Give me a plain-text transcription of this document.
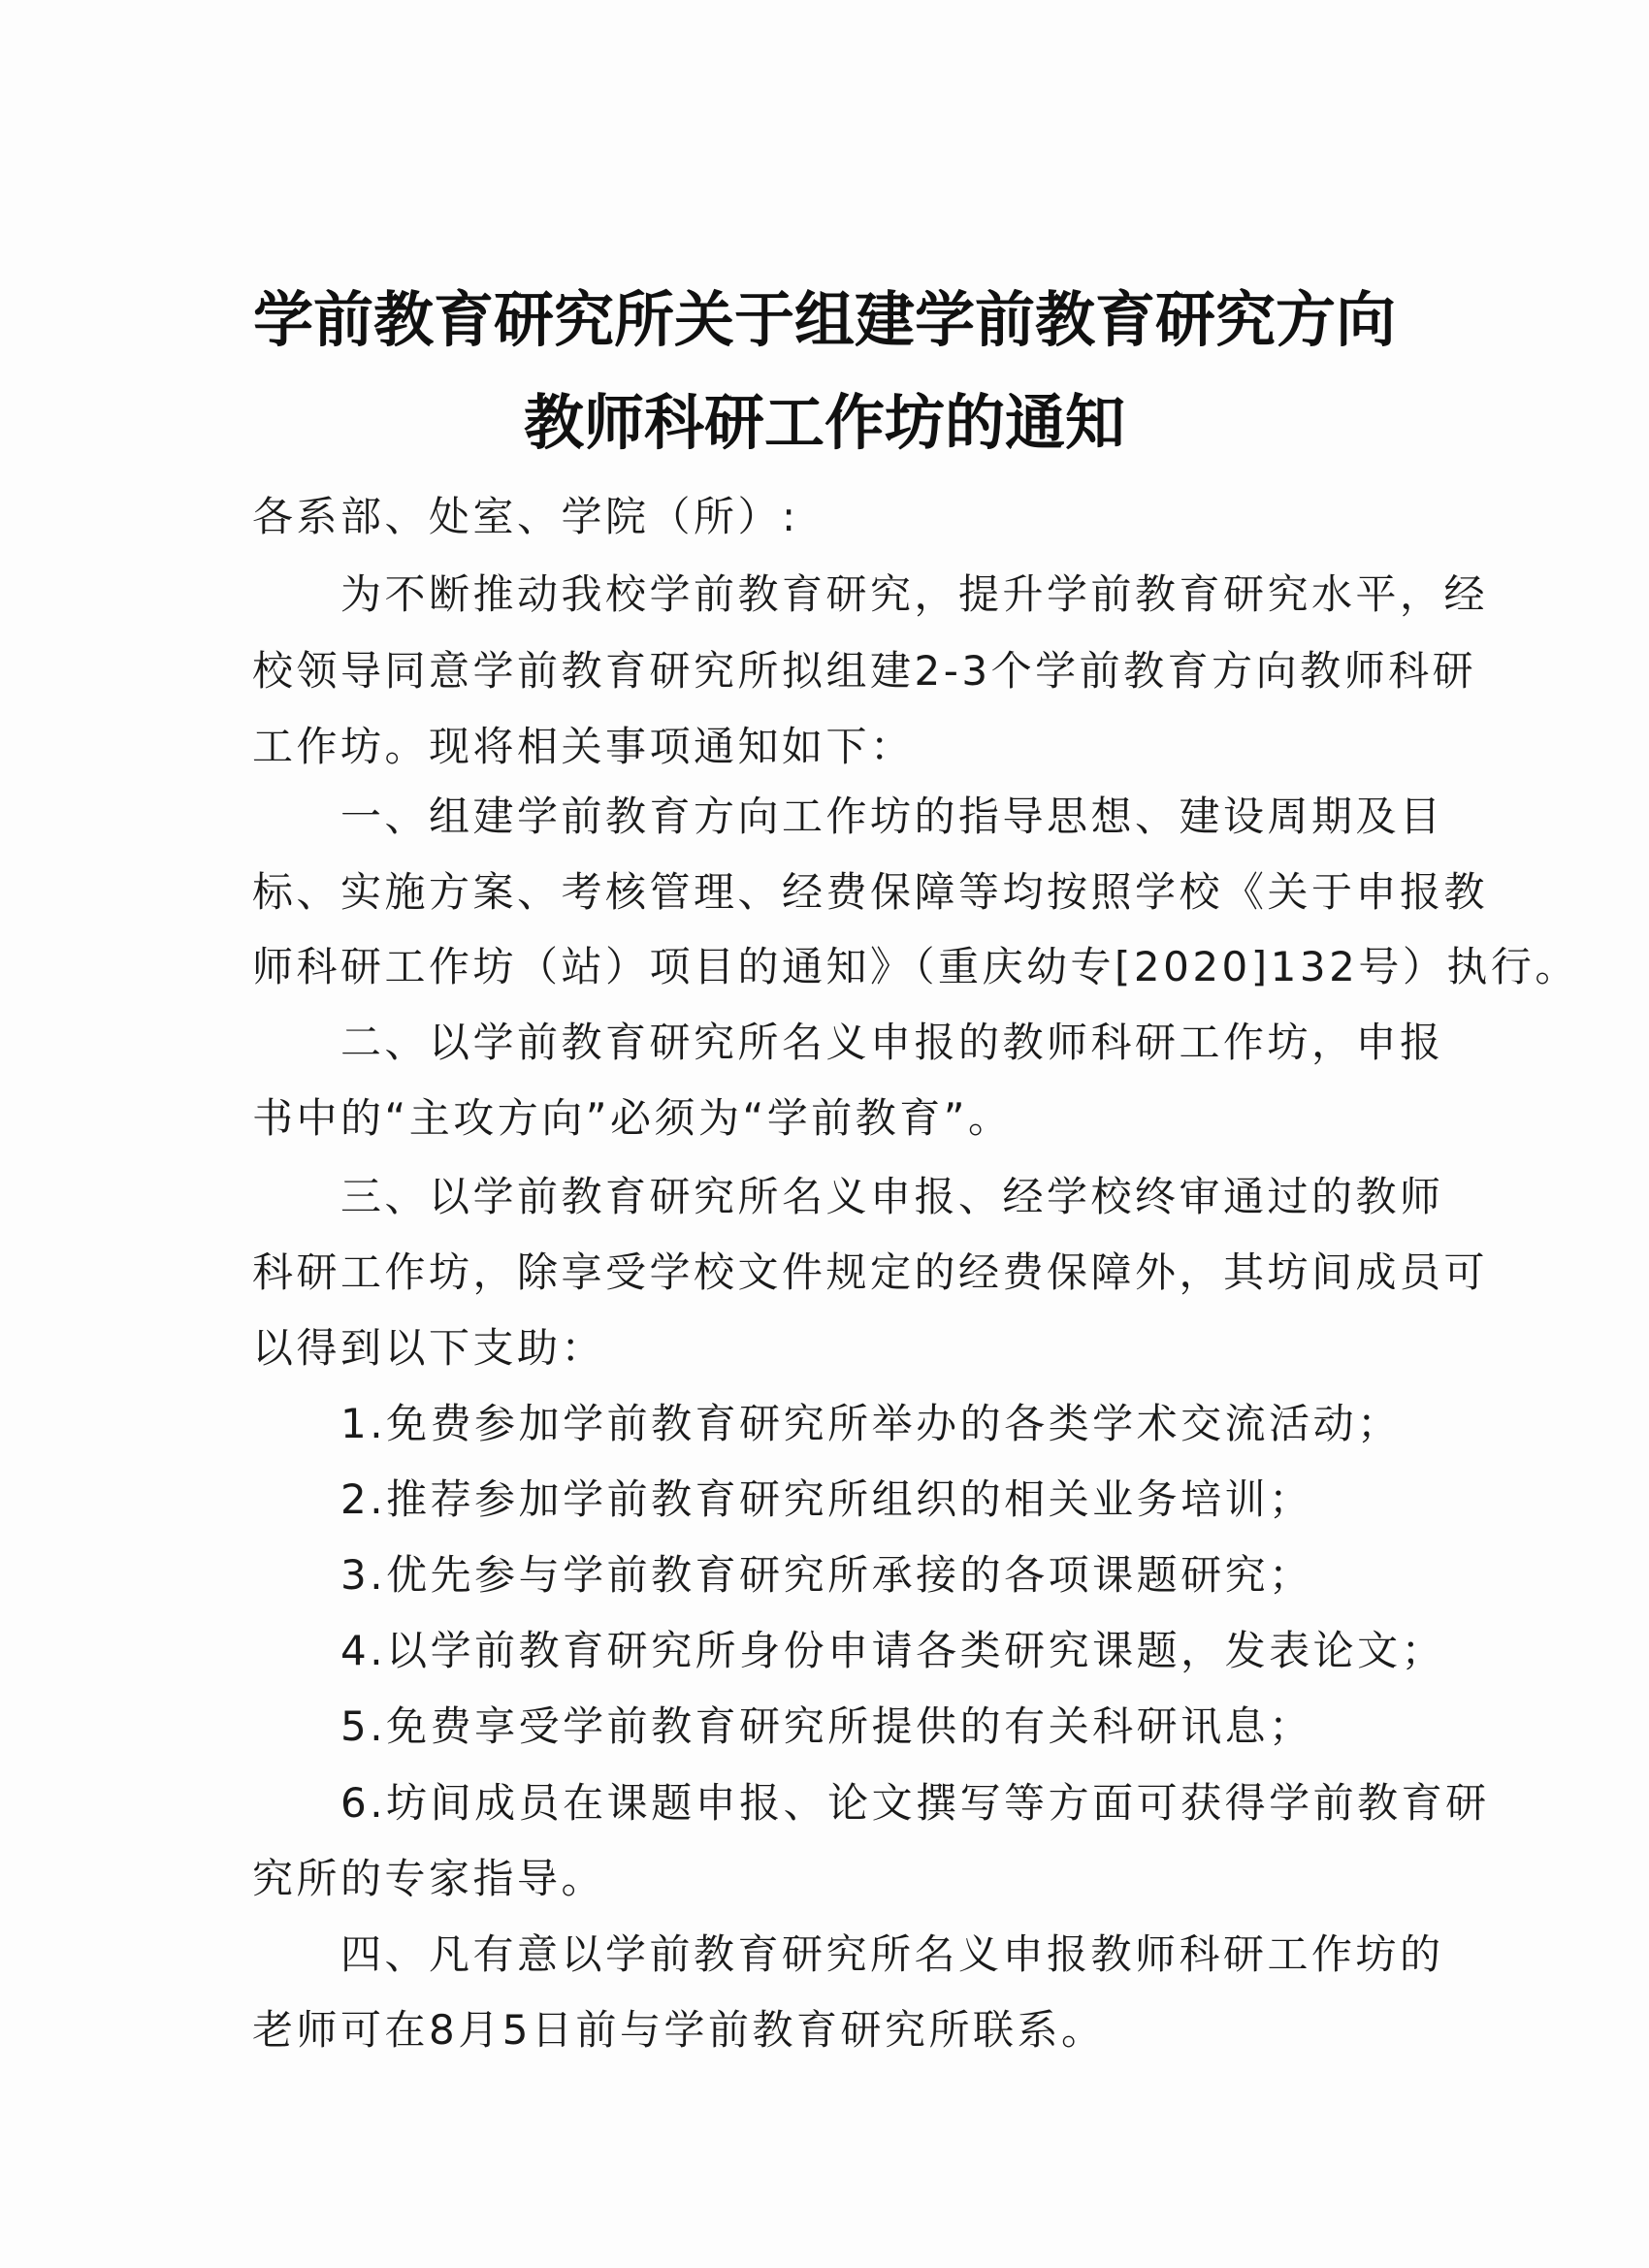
学前教育研究所关于组建学前教育研究方向
教师科研工作坊的通知
各系部、处室、学院（所）:
　　为不断推动我校学前教育研究，提升学前教育研究水平，经
校领导同意学前教育研究所拟组建2-3个学前教育方向教师科研
工作坊。现将相关事项通知如下：
　　一、组建学前教育方向工作坊的指导思想、建设周期及目
标、实施方案、考核管理、经费保障等均按照学校《关于申报教
师科研工作坊（站）项目的通知》（重庆幼专[2020]132号）执行。
　　二、以学前教育研究所名义申报的教师科研工作坊，申报
书中的“主攻方向”必须为“学前教育”。
　　三、以学前教育研究所名义申报、经学校终审通过的教师
科研工作坊，除享受学校文件规定的经费保障外，其坊间成员可
以得到以下支助：
　　1.免费参加学前教育研究所举办的各类学术交流活动；
　　2.推荐参加学前教育研究所组织的相关业务培训；
　　3.优先参与学前教育研究所承接的各项课题研究；
　　4.以学前教育研究所身份申请各类研究课题，发表论文；
　　5.免费享受学前教育研究所提供的有关科研讯息；
　　6.坊间成员在课题申报、论文撰写等方面可获得学前教育研
究所的专家指导。
　　四、凡有意以学前教育研究所名义申报教师科研工作坊的
老师可在8月5日前与学前教育研究所联系。
